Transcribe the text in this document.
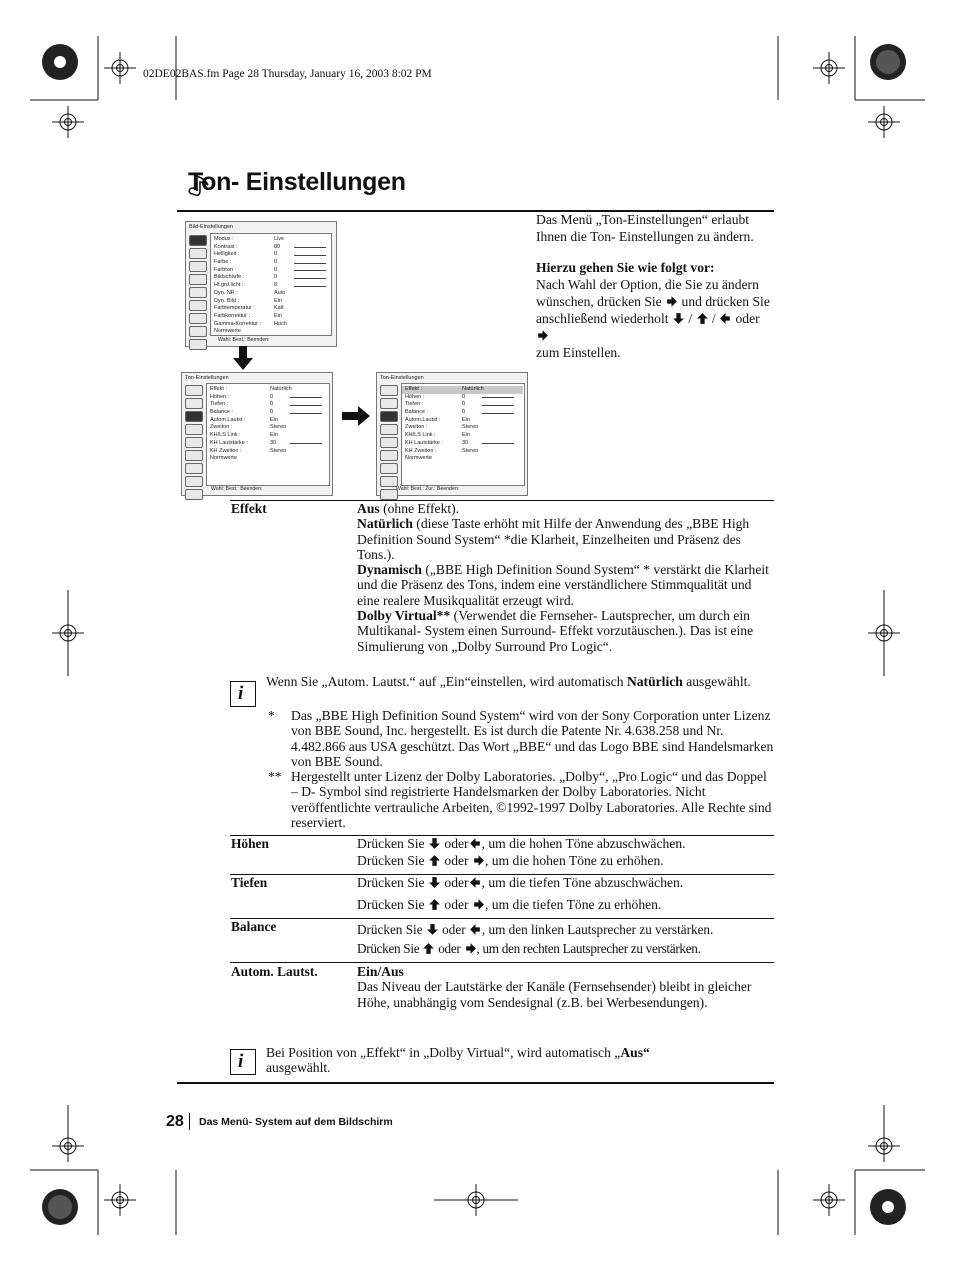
02DE02BAS.fm Page 28 Thursday, January 16, 2003 8:02 PM
Ton- Einstellungen

Das Menü „Ton-Einstellungen“ erlaubt Ihnen die Ton- Einstellungen zu ändern.

Hierzu gehen Sie wie folgt vor:
Nach Wahl der Option, die Sie zu ändern wünschen, drücken Sie und drücken Sie anschließend wiederholt / / oder
zum Einstellen.

Bild-Einstellungen
Modus :	Live
Kontrast :	80
Helligkeit :	0
Farbe :	0
Farbton :	0
Bildschärfe :	0
Ht.grd.licht :	8
Dyn. NR :	Auto
Dyn. Bild :	Ein
Farbtemperatur :	Kalt
Farbkorrektur :	Ein
Gamma-Korrektur : Hoch
Normwerte
Wahl: Best.: Beenden:
Ton-Einstellungen
Effekt :	Natürlich
Höhen :	0
Tiefen :	0
Balance :	0
Autom.Lautst :	Ein
Zweiton :	Stereo
KH/LS Link :	Ein
KH Lautstärke :	30
KH Zweiton :	Stereo
Normwerte
Wahl: Best.: Beenden:
Ton-Einstellungen
Effekt :	Natürlich
Höhen :	0
Tiefen :	0
Balance :	0
Autom.Lautst :	Ein
Zweiton :	Stereo
KH/LS Link :	Ein
KH Lautstärke :	30
KH Zweiton :	Stereo
Normwerte
Wahl: Best.: Zur.: Beenden:
Effekt	Aus (ohne Effekt).
Natürlich (diese Taste erhöht mit Hilfe der Anwendung des „BBE High Definition Sound System“ *die Klarheit, Einzelheiten und Präsenz des Tons.).
Dynamisch („BBE High Definition Sound System“ * verstärkt die Klarheit und die Präsenz des Tons, indem eine verständlichere Stimmqualität und eine realere Musikqualität erzeugt wird.
Dolby Virtual** (Verwendet die Fernseher- Lautsprecher, um durch ein Multikanal- System einen Surround- Effekt vorzutäuschen.). Das ist eine Simulierung von „Dolby Surround Pro Logic“.
i
Wenn Sie „Autom. Lautst.“ auf „Ein“einstellen, wird automatisch Natürlich ausgewählt.
* Das „BBE High Definition Sound System“ wird von der Sony Corporation unter Lizenz von BBE Sound, Inc. hergestellt. Es ist durch die Patente Nr. 4.638.258 und Nr. 4.482.866 aus USA geschützt. Das Wort „BBE“ und das Logo BBE sind Handelsmarken von BBE Sound.
** Hergestellt unter Lizenz der Dolby Laboratories. „Dolby“, „Pro Logic“ und das Doppel – D- Symbol sind registrierte Handelsmarken der Dolby Laboratories. Nicht veröffentlichte vertrauliche Arbeiten, ©1992-1997 Dolby Laboratories. Alle Rechte sind reserviert.
Höhen	Drücken Sie oder , um die hohen Töne abzuschwächen.
Drücken Sie oder , um die hohen Töne zu erhöhen.
Tiefen	Drücken Sie oder , um die tiefen Töne abzuschwächen.
Drücken Sie oder , um die tiefen Töne zu erhöhen.
Balance	Drücken Sie oder , um den linken Lautsprecher zu verstärken.
Drücken Sie oder , um den rechten Lautsprecher zu verstärken.
Autom. Lautst.	Ein/Aus
Das Niveau der Lautstärke der Kanäle (Fernsehsender) bleibt in gleicher Höhe, unabhängig vom Sendesignal (z.B. bei Werbesendungen).
i Bei Position von „Effekt“ in „Dolby Virtual“, wird automatisch „Aus“
ausgewählt.
28 Das Menü- System auf dem Bildschirm
